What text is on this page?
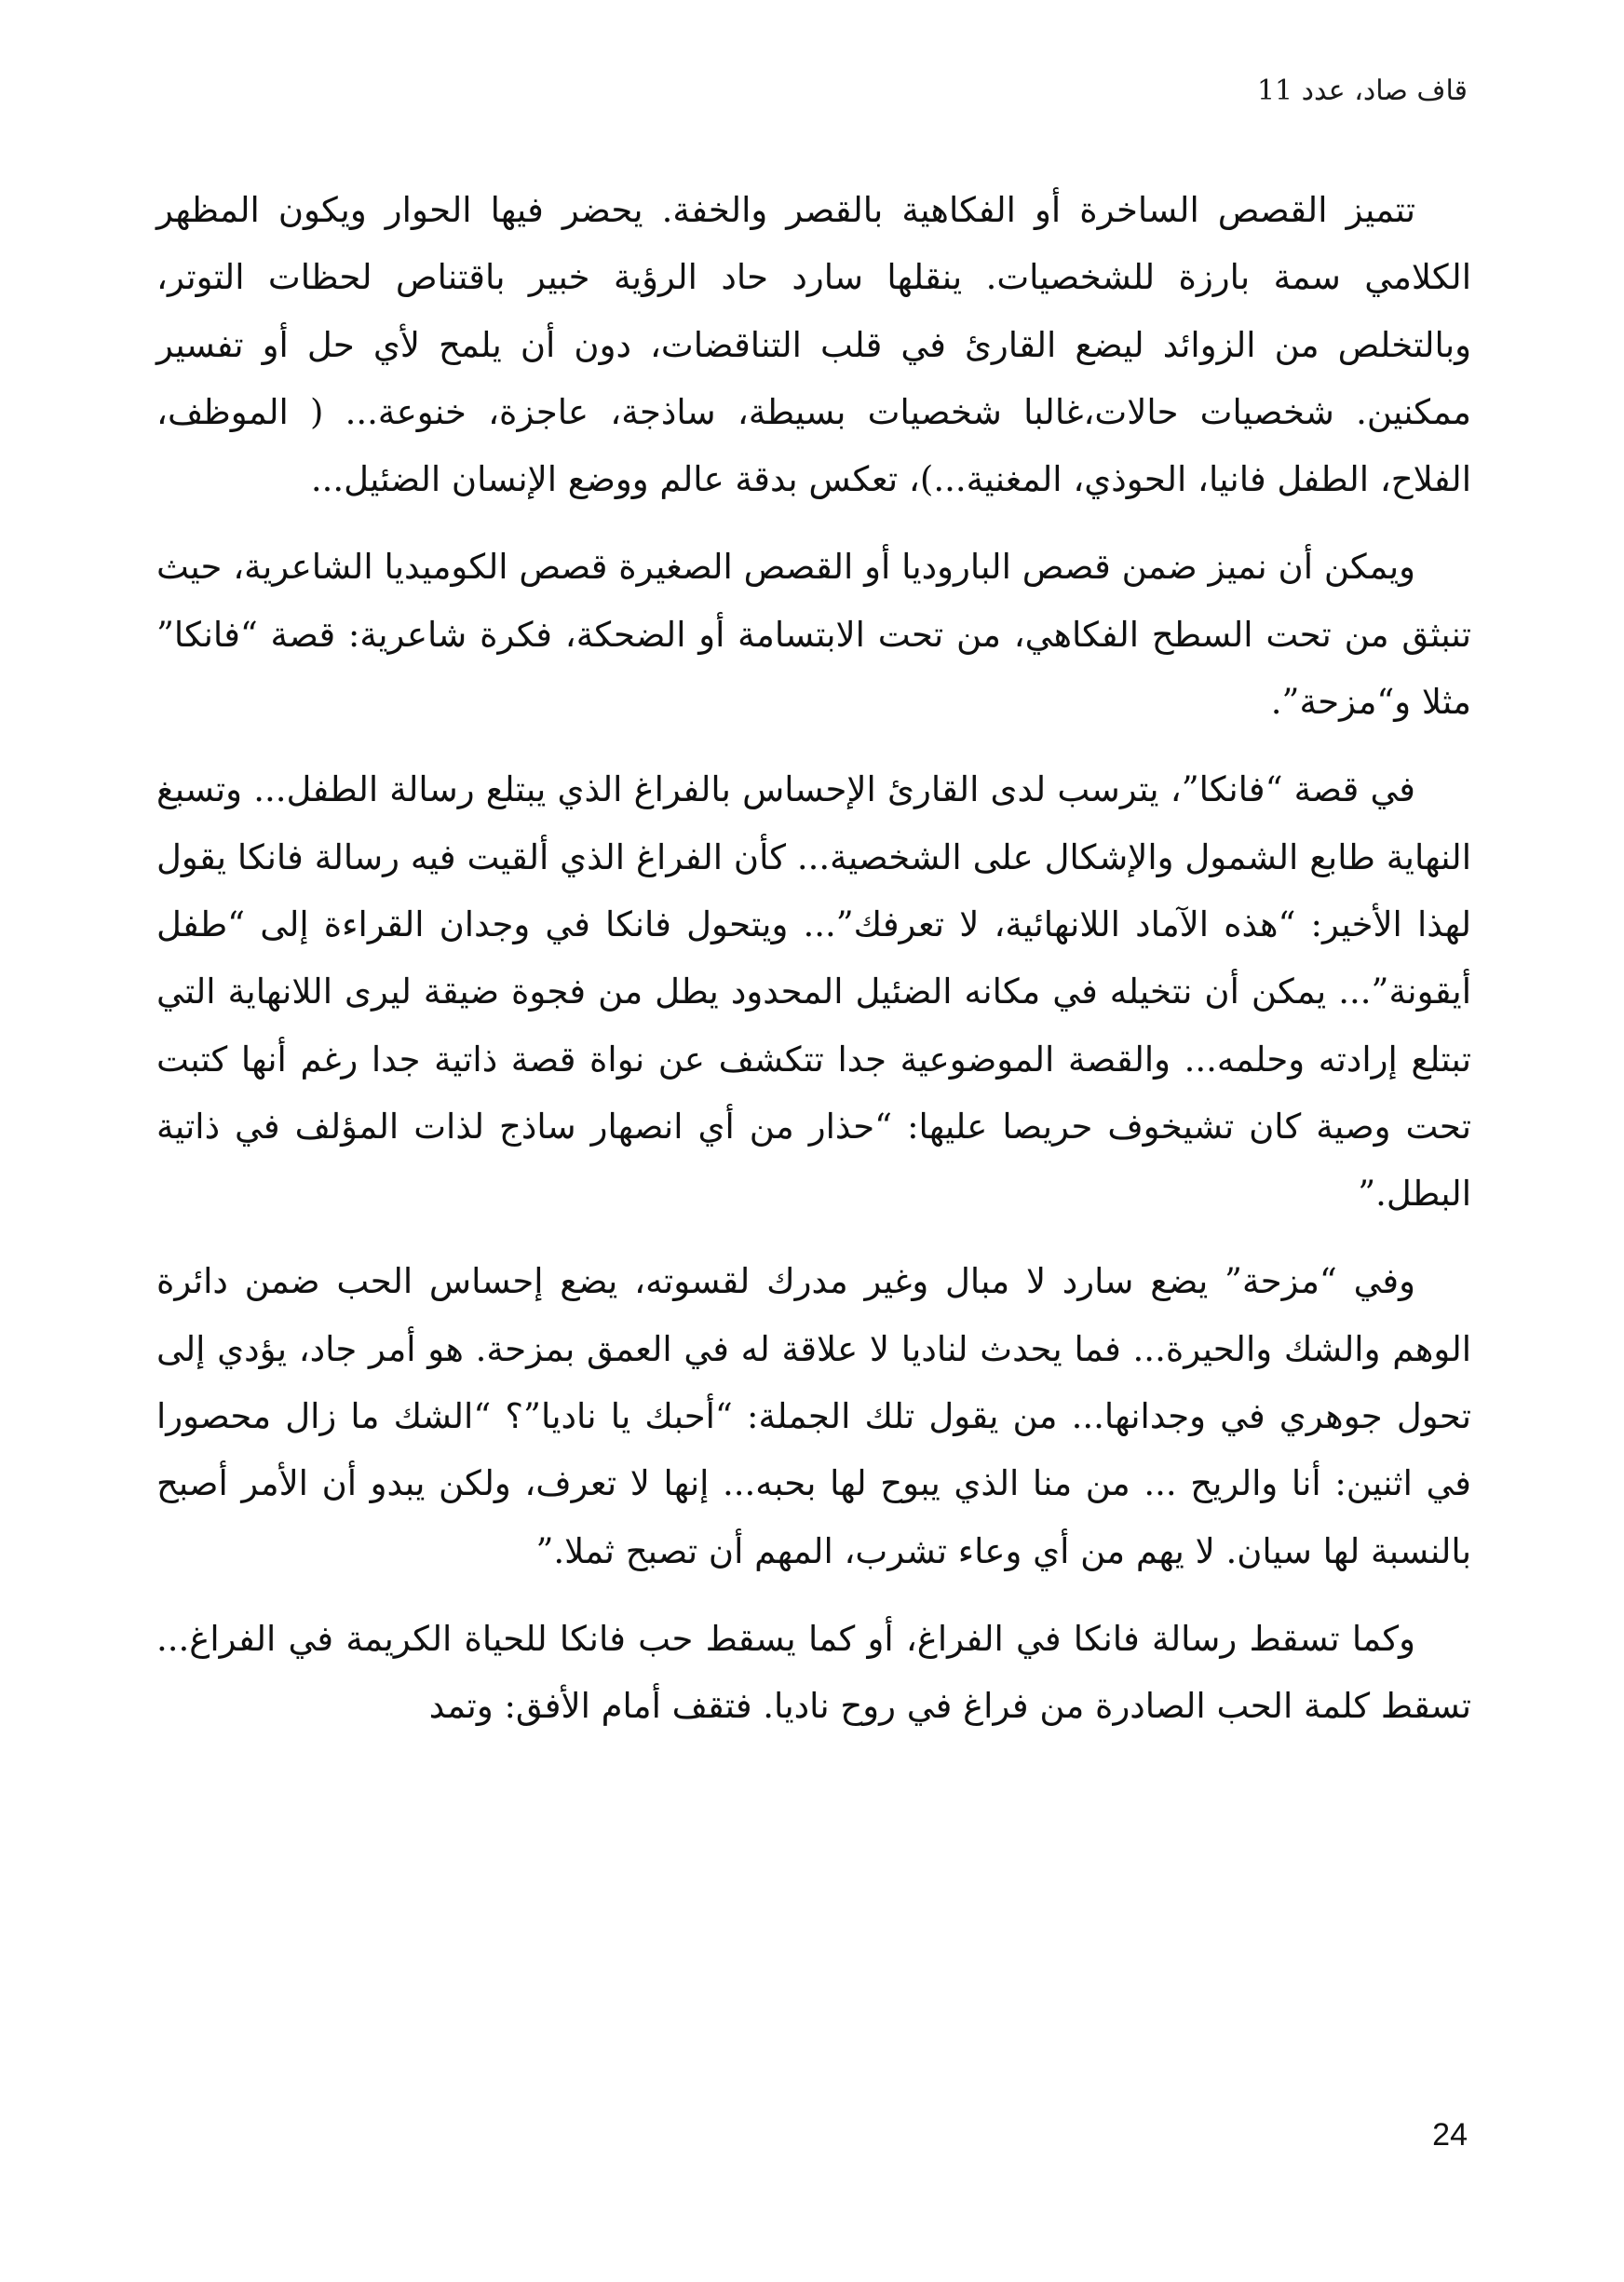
قاف صاد، عدد 11

تتميز القصص الساخرة أو الفكاهية بالقصر والخفة. يحضر فيها الحوار ويكون المظهر الكلامي سمة بارزة للشخصيات. ينقلها سارد حاد الرؤية خبير باقتناص لحظات التوتر، وبالتخلص من الزوائد ليضع القارئ في قلب التناقضات، دون أن يلمح لأي حل أو تفسير ممكنين. شخصيات حالات،غالبا شخصيات بسيطة، ساذجة، عاجزة، خنوعة... ( الموظف، الفلاح، الطفل فانيا، الحوذي، المغنية...)، تعكس بدقة عالم ووضع الإنسان الضئيل...

ويمكن أن نميز ضمن قصص الباروديا أو القصص الصغيرة قصص الكوميديا الشاعرية، حيث تنبثق من تحت السطح الفكاهي، من تحت الابتسامة أو الضحكة، فكرة شاعرية: قصة “فانكا” مثلا و“مزحة”.

في قصة “فانكا”، يترسب لدى القارئ الإحساس بالفراغ الذي يبتلع رسالة الطفل... وتسبغ النهاية طابع الشمول والإشكال على الشخصية... كأن الفراغ الذي ألقيت فيه رسالة فانكا يقول لهذا الأخير: “هذه الآماد اللانهائية، لا تعرفك”... ويتحول فانكا في وجدان القراءة إلى “طفل أيقونة”... يمكن أن نتخيله في مكانه الضئيل المحدود يطل من فجوة ضيقة ليرى اللانهاية التي تبتلع إرادته وحلمه... والقصة الموضوعية جدا تتكشف عن نواة قصة ذاتية جدا رغم أنها كتبت تحت وصية كان تشيخوف حريصا عليها: “حذار من أي انصهار ساذج لذات المؤلف في ذاتية البطل.”

وفي “مزحة” يضع سارد لا مبال وغير مدرك لقسوته، يضع إحساس الحب ضمن دائرة الوهم والشك والحيرة... فما يحدث لناديا لا علاقة له في العمق بمزحة. هو أمر جاد، يؤدي إلى تحول جوهري في وجدانها... من يقول تلك الجملة: “أحبك يا ناديا”؟ “الشك ما زال محصورا في اثنين: أنا والريح ... من منا الذي يبوح لها بحبه... إنها لا تعرف، ولكن يبدو أن الأمر أصبح بالنسبة لها سيان. لا يهم من أي وعاء تشرب، المهم أن تصبح ثملا.”

وكما تسقط رسالة فانكا في الفراغ، أو كما يسقط حب فانكا للحياة الكريمة في الفراغ... تسقط كلمة الحب الصادرة من فراغ في روح ناديا. فتقف أمام الأفق: وتمد

24
